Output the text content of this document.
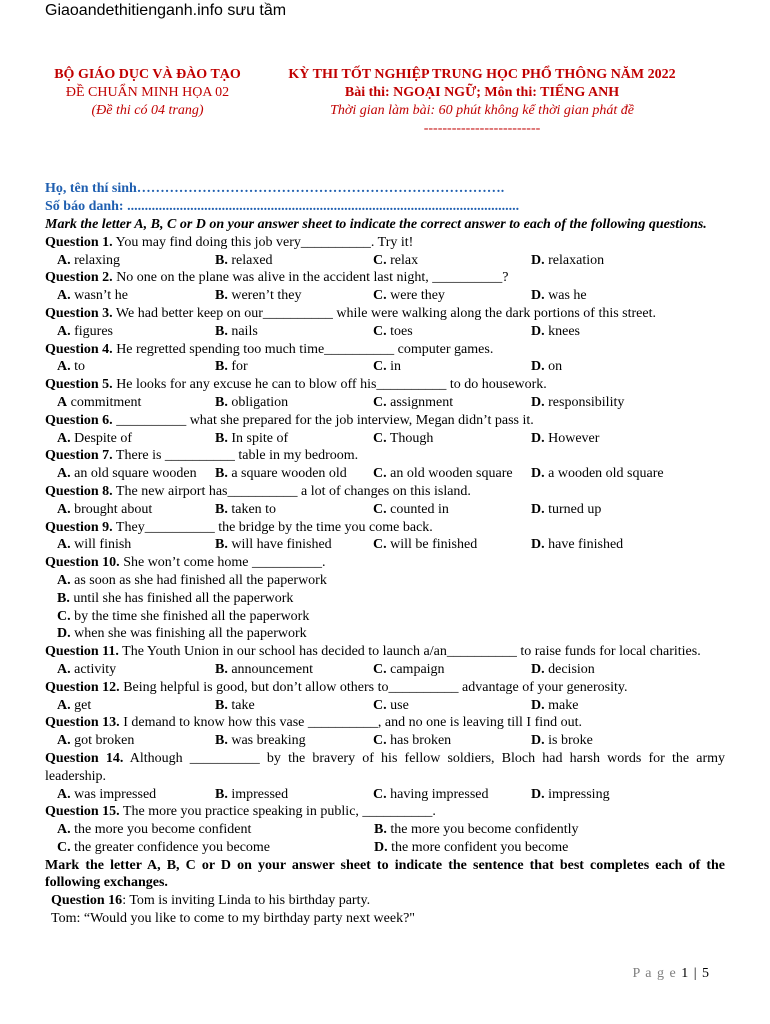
Giaoandethitienganh.info sưu tầm
BỘ GIÁO DỤC VÀ ĐÀO TẠO
ĐỀ CHUẨN MINH HỌA 02
(Đề thi có 04 trang)
KỲ THI TỐT NGHIỆP TRUNG HỌC PHỔ THÔNG NĂM 2022
Bài thi: NGOẠI NGỮ; Môn thi: TIẾNG ANH
Thời gian làm bài: 60 phút không kể thời gian phát đề
-------------------------
Họ, tên thí sinh…………………………………………………………………….
Số báo danh: ................................................................................................................

Mark the letter A, B, C or D on your answer sheet to indicate the correct answer to each of the following questions.

Question 1. You may find doing this job very__________. Try it!

A. relaxing	B. relaxed	C. relax	D. relaxation

Question 2. No one on the plane was alive in the accident last night, __________?

A. wasn’t he	B. weren’t they	C. were they	D. was he

Question 3. We had better keep on our__________ while were walking along the dark portions of this street.

A. figures	B. nails	C. toes	D. knees

Question 4. He regretted spending too much time__________ computer games.

A. to	B. for	C. in	D. on

Question 5. He looks for any excuse he can to blow off his__________ to do housework.

A commitment	B. obligation	C. assignment	D. responsibility

Question 6. __________ what she prepared for the job interview, Megan didn’t pass it.

A. Despite of	B. In spite of	C. Though	D. However

Question 7. There is __________ table in my bedroom.

A. an old square wooden	B. a square wooden old	C. an old wooden square	D. a wooden old square

Question 8. The new airport has__________ a lot of changes on this island.

A. brought about	B. taken to	C. counted in	D. turned up

Question 9. They__________ the bridge by the time you come back.

A. will finish	B. will have finished	C. will be finished	D. have finished

Question 10. She won’t come home __________.

A. as soon as she had finished all the paperwork
B. until she has finished all the paperwork
C. by the time she finished all the paperwork
D. when she was finishing all the paperwork

Question 11. The Youth Union in our school has decided to launch a/an__________ to raise funds for local charities.

A. activity	B. announcement	C. campaign	D. decision

Question 12. Being helpful is good, but don’t allow others to__________ advantage of your generosity.

A. get	B. take	C. use	D. make

Question 13. I demand to know how this vase __________, and no one is leaving till I find out.

A. got broken	B. was breaking	C. has broken	D. is broke

Question 14. Although __________ by the bravery of his fellow soldiers, Bloch had harsh words for the army leadership.

A. was impressed	B. impressed	C. having impressed	D. impressing

Question 15. The more you practice speaking in public, __________.

A. the more you become confident	B. the more you become confidently
C. the greater confidence you become	D. the more confident you become

Mark the letter A, B, C or D on your answer sheet to indicate the sentence that best completes each of the following exchanges.

Question 16: Tom is inviting Linda to his birthday party.

Tom: “Would you like to come to my birthday party next week?"

P a g e 1 | 5
